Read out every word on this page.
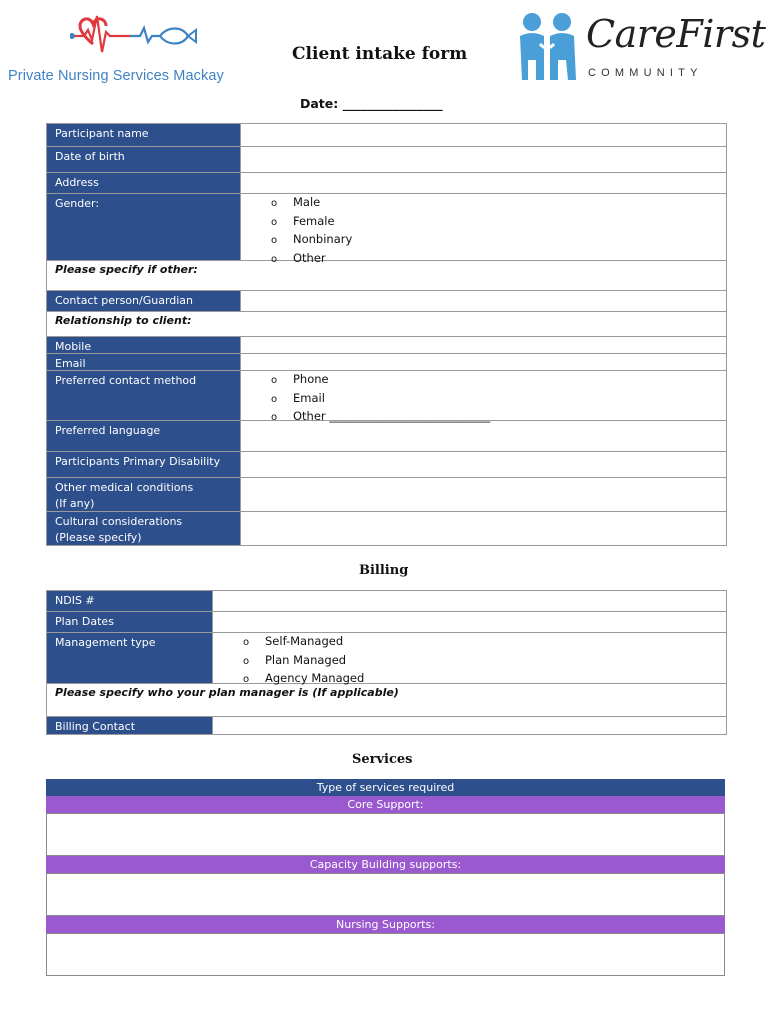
Private Nursing Services Mackay
Client intake form	CareFirst
COMMUNITY
Date: ________________
Participant name
Date of birth
Address
Gender:	o Male
o Female
o Nonbinary
o Other
Please specify if other:
Contact person/Guardian
Relationship to client:
Mobile
Email
Preferred contact method	o Phone
o Email
o Other ____________________________
Preferred language
Participants Primary Disability
Other medical conditions
(If any)
Cultural considerations
(Please specify)
Billing
NDIS #
Plan Dates
Management type	o Self-Managed
o Plan Managed
o Agency Managed
Please specify who your plan manager is (If applicable)
Billing Contact
Services
Type of services required
Core Support:
Capacity Building supports:
Nursing Supports:
